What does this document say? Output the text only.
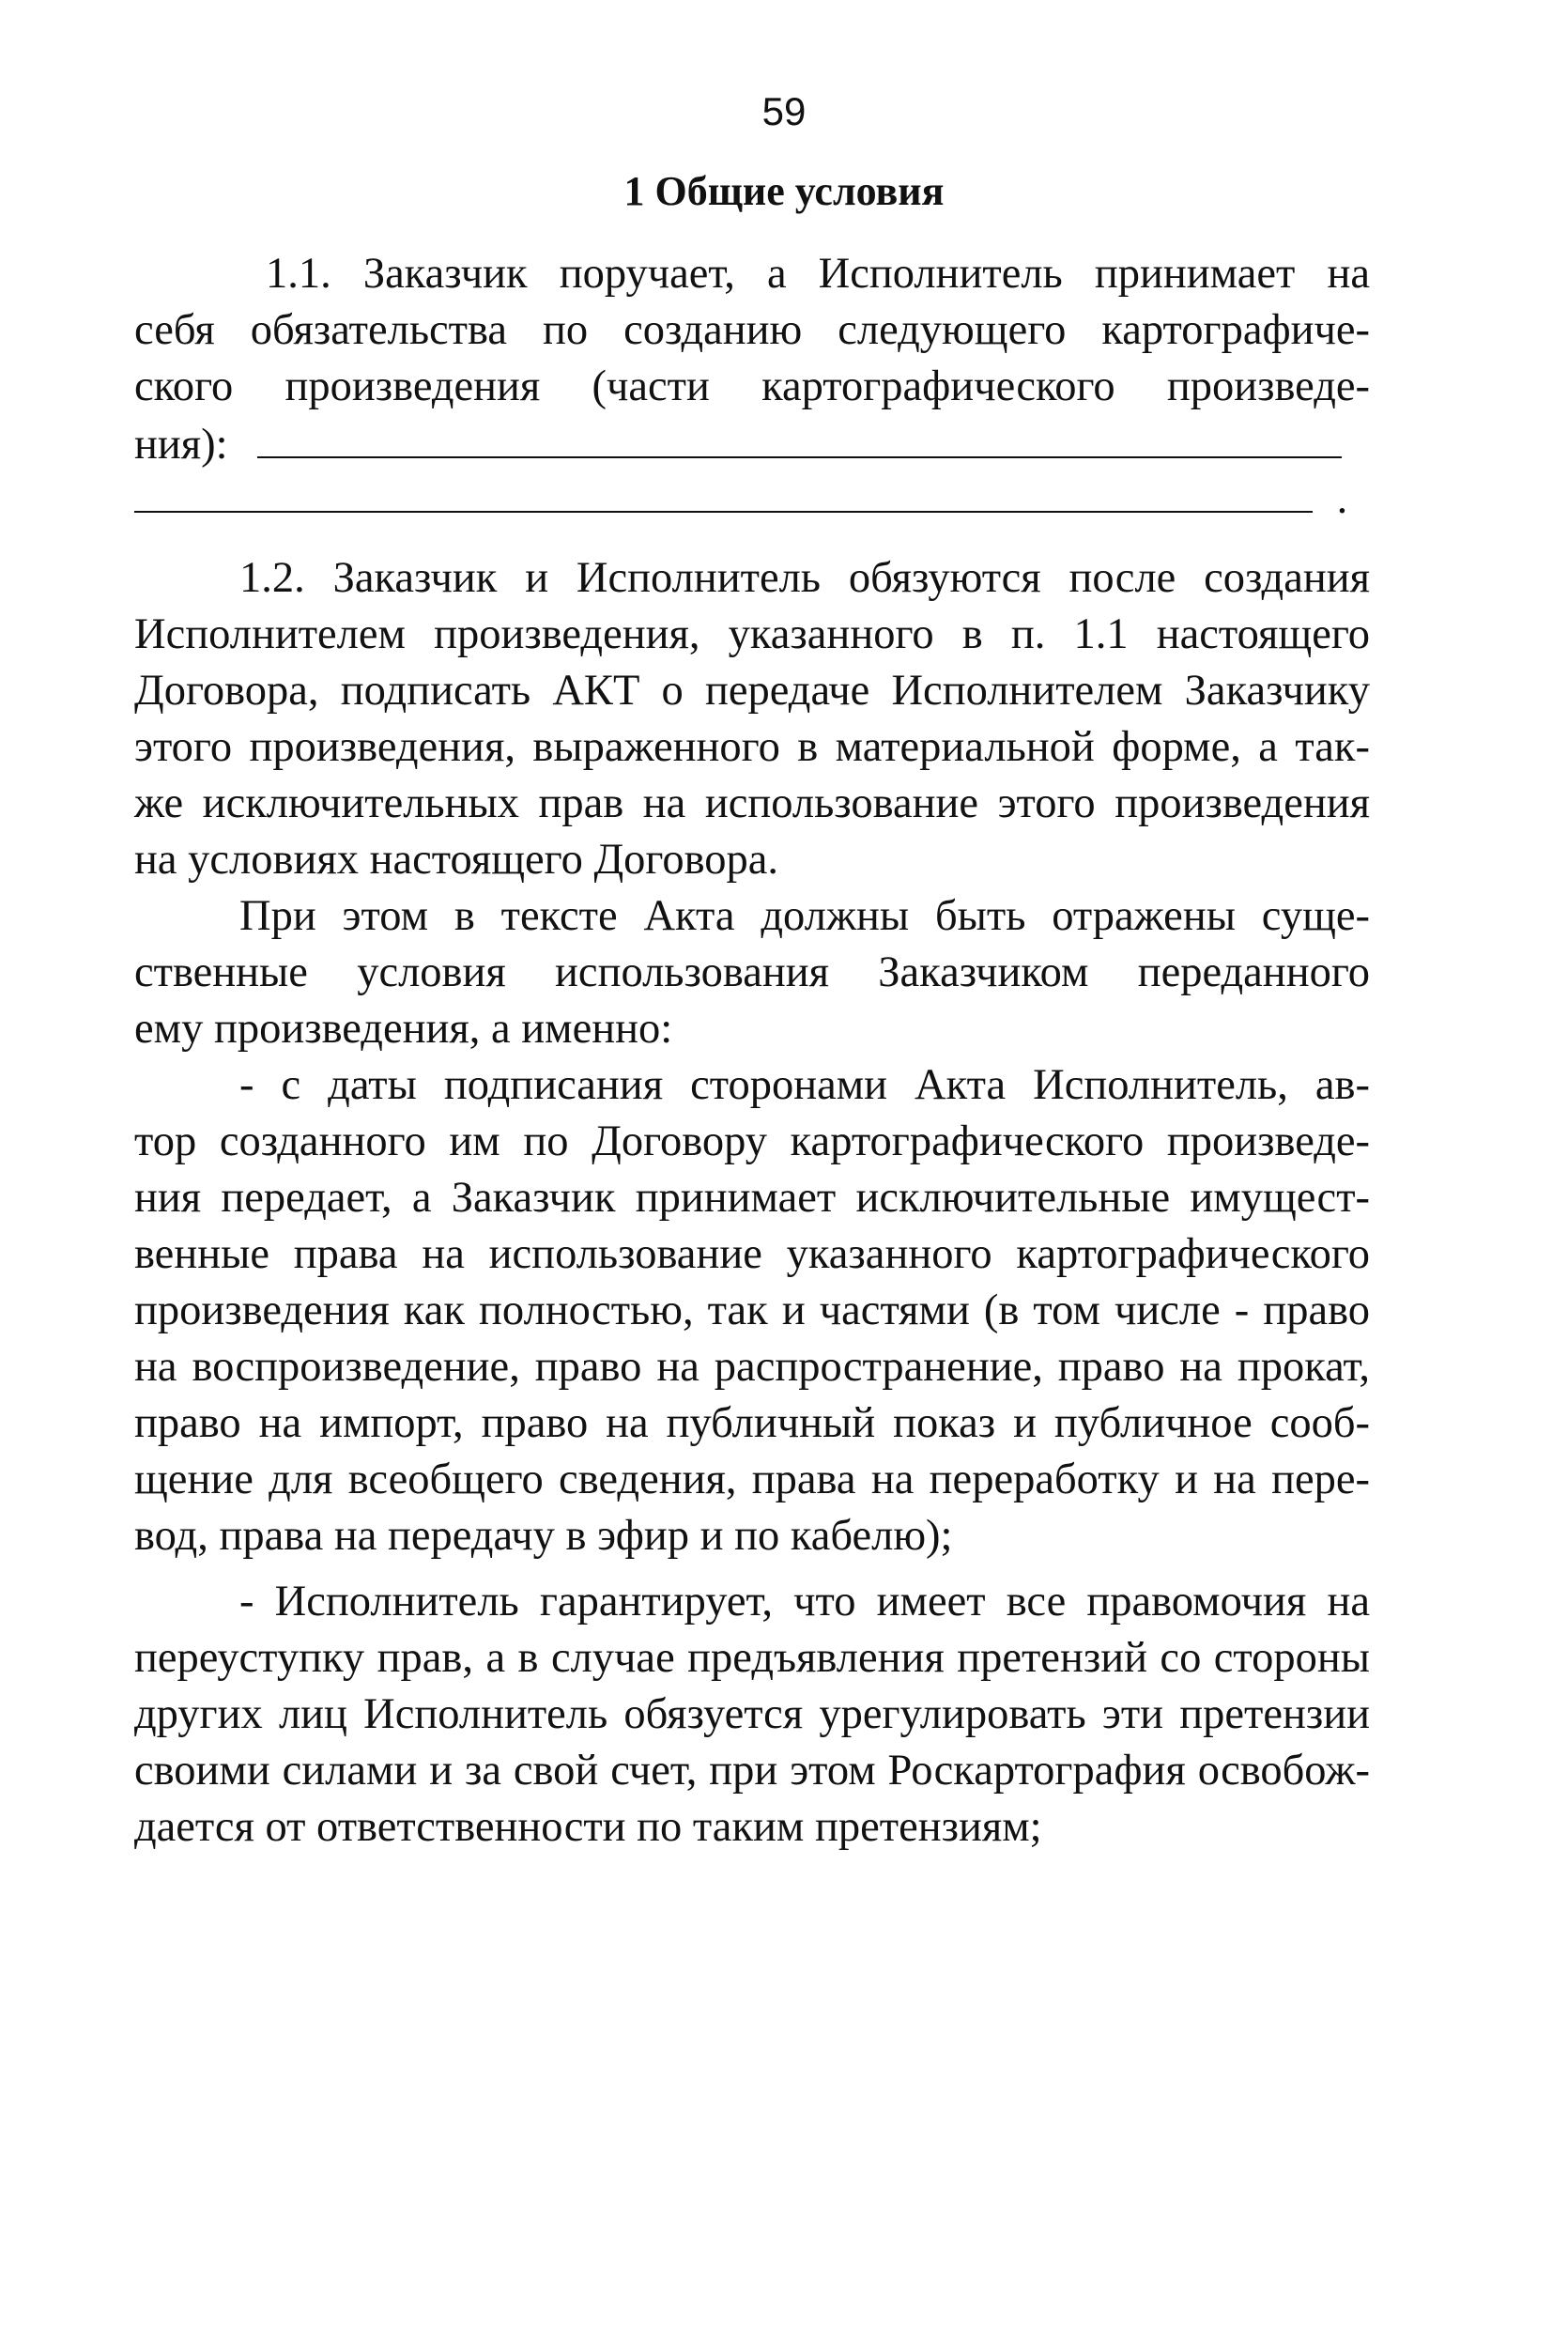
59
1 Общие условия
1.1. Заказчик поручает, а Исполнитель принимает на
себя обязательства по созданию следующего картографиче-
ского произведения (части картографического произведе-
ния):
.
1.2. Заказчик и Исполнитель обязуются после создания
Исполнителем произведения, указанного в п. 1.1 настоящего
Договора, подписать АКТ о передаче Исполнителем Заказчику
этого произведения, выраженного в материальной форме, а так-
же исключительных прав на использование этого произведения
на условиях настоящего Договора.
При этом в тексте Акта должны быть отражены суще-
ственные условия использования Заказчиком переданного
ему произведения, а именно:
- с даты подписания сторонами Акта Исполнитель, ав-
тор созданного им по Договору картографического произведе-
ния передает, а Заказчик принимает исключительные имущест-
венные права на использование указанного картографического
произведения как полностью, так и частями (в том числе - право
на воспроизведение, право на распространение, право на прокат,
право на импорт, право на публичный показ и публичное сооб-
щение для всеобщего сведения, права на переработку и на пере-
вод, права на передачу в эфир и по кабелю);
- Исполнитель гарантирует, что имеет все правомочия на
переуступку прав, а в случае предъявления претензий со стороны
других лиц Исполнитель обязуется урегулировать эти претензии
своими силами и за свой счет, при этом Роскартография освобож-
дается от ответственности по таким претензиям;
